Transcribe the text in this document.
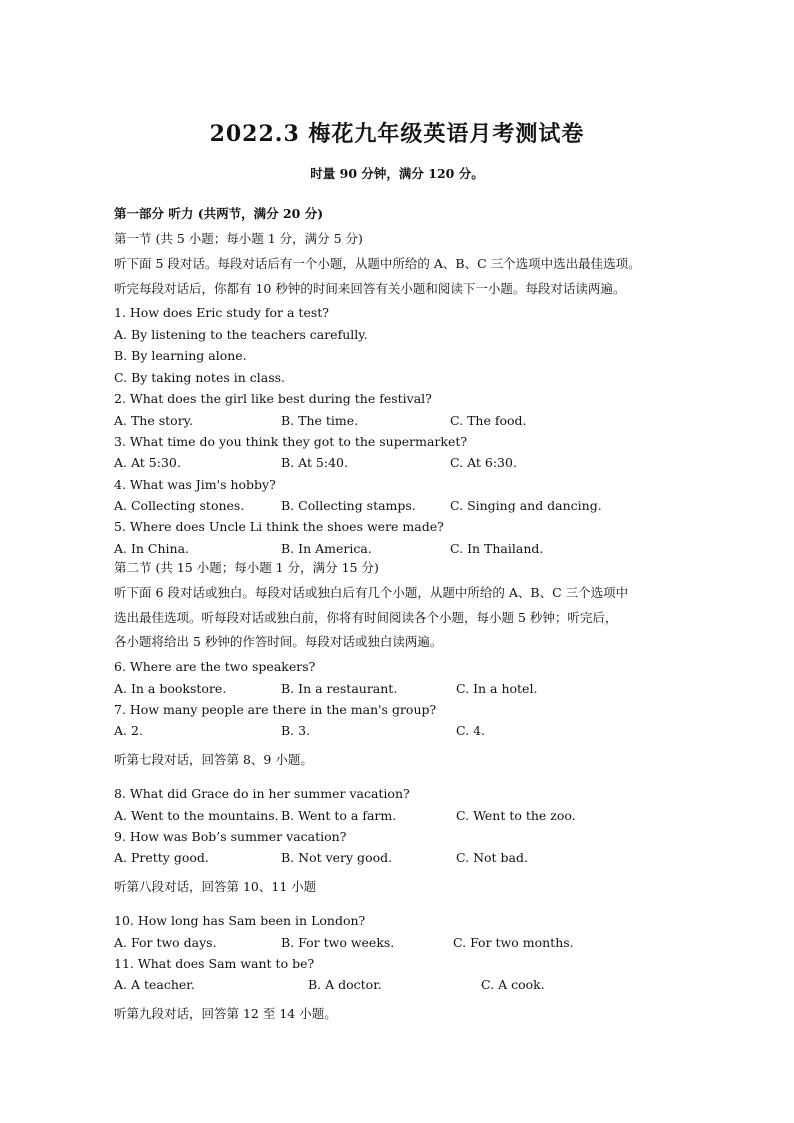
2022.3 梅花九年级英语月考测试卷
时量 90 分钟，满分 120 分。
第一部分 听力 (共两节，满分 20 分)
第一节 (共 5 小题；每小题 1 分，满分 5 分)
听下面 5 段对话。每段对话后有一个小题，从题中所给的 A、B、C 三个选项中选出最佳选项。
听完每段对话后，你都有 10 秒钟的时间来回答有关小题和阅读下一小题。每段对话读两遍。
1. How does Eric study for a test?
A. By listening to the teachers carefully.
B. By learning alone.
C. By taking notes in class.
2. What does the girl like best during the festival?
A. The story.	B. The time.	C. The food.
3. What time do you think they got to the supermarket?
A. At 5:30.	B. At 5:40.	C. At 6:30.
4. What was Jim's hobby?
A. Collecting stones.	B. Collecting stamps.	C. Singing and dancing.
5. Where does Uncle Li think the shoes were made?
A. In China.	B. In America.	C. In Thailand.
第二节 (共 15 小题；每小题 1 分，满分 15 分)
听下面 6 段对话或独白。每段对话或独白后有几个小题，从题中所给的 A、B、C 三个选项中
选出最佳选项。听每段对话或独白前，你将有时间阅读各个小题，每小题 5 秒钟；听完后，
各小题将给出 5 秒钟的作答时间。每段对话或独白读两遍。
6. Where are the two speakers?
A. In a bookstore.	B. In a restaurant.	C. In a hotel.
7. How many people are there in the man's group?
A. 2.	B. 3.	C. 4.
听第七段对话，回答第 8、9 小题。
8. What did Grace do in her summer vacation?
A. Went to the mountains. B. Went to a farm.	C. Went to the zoo.
9. How was Bob’s summer vacation?
A. Pretty good.	B. Not very good.	C. Not bad.
听第八段对话，回答第 10、11 小题
10. How long has Sam been in London?
A. For two days.	B. For two weeks.	C. For two months.
11. What does Sam want to be?
A. A teacher.	B. A doctor.	C. A cook.
听第九段对话，回答第 12 至 14 小题。
